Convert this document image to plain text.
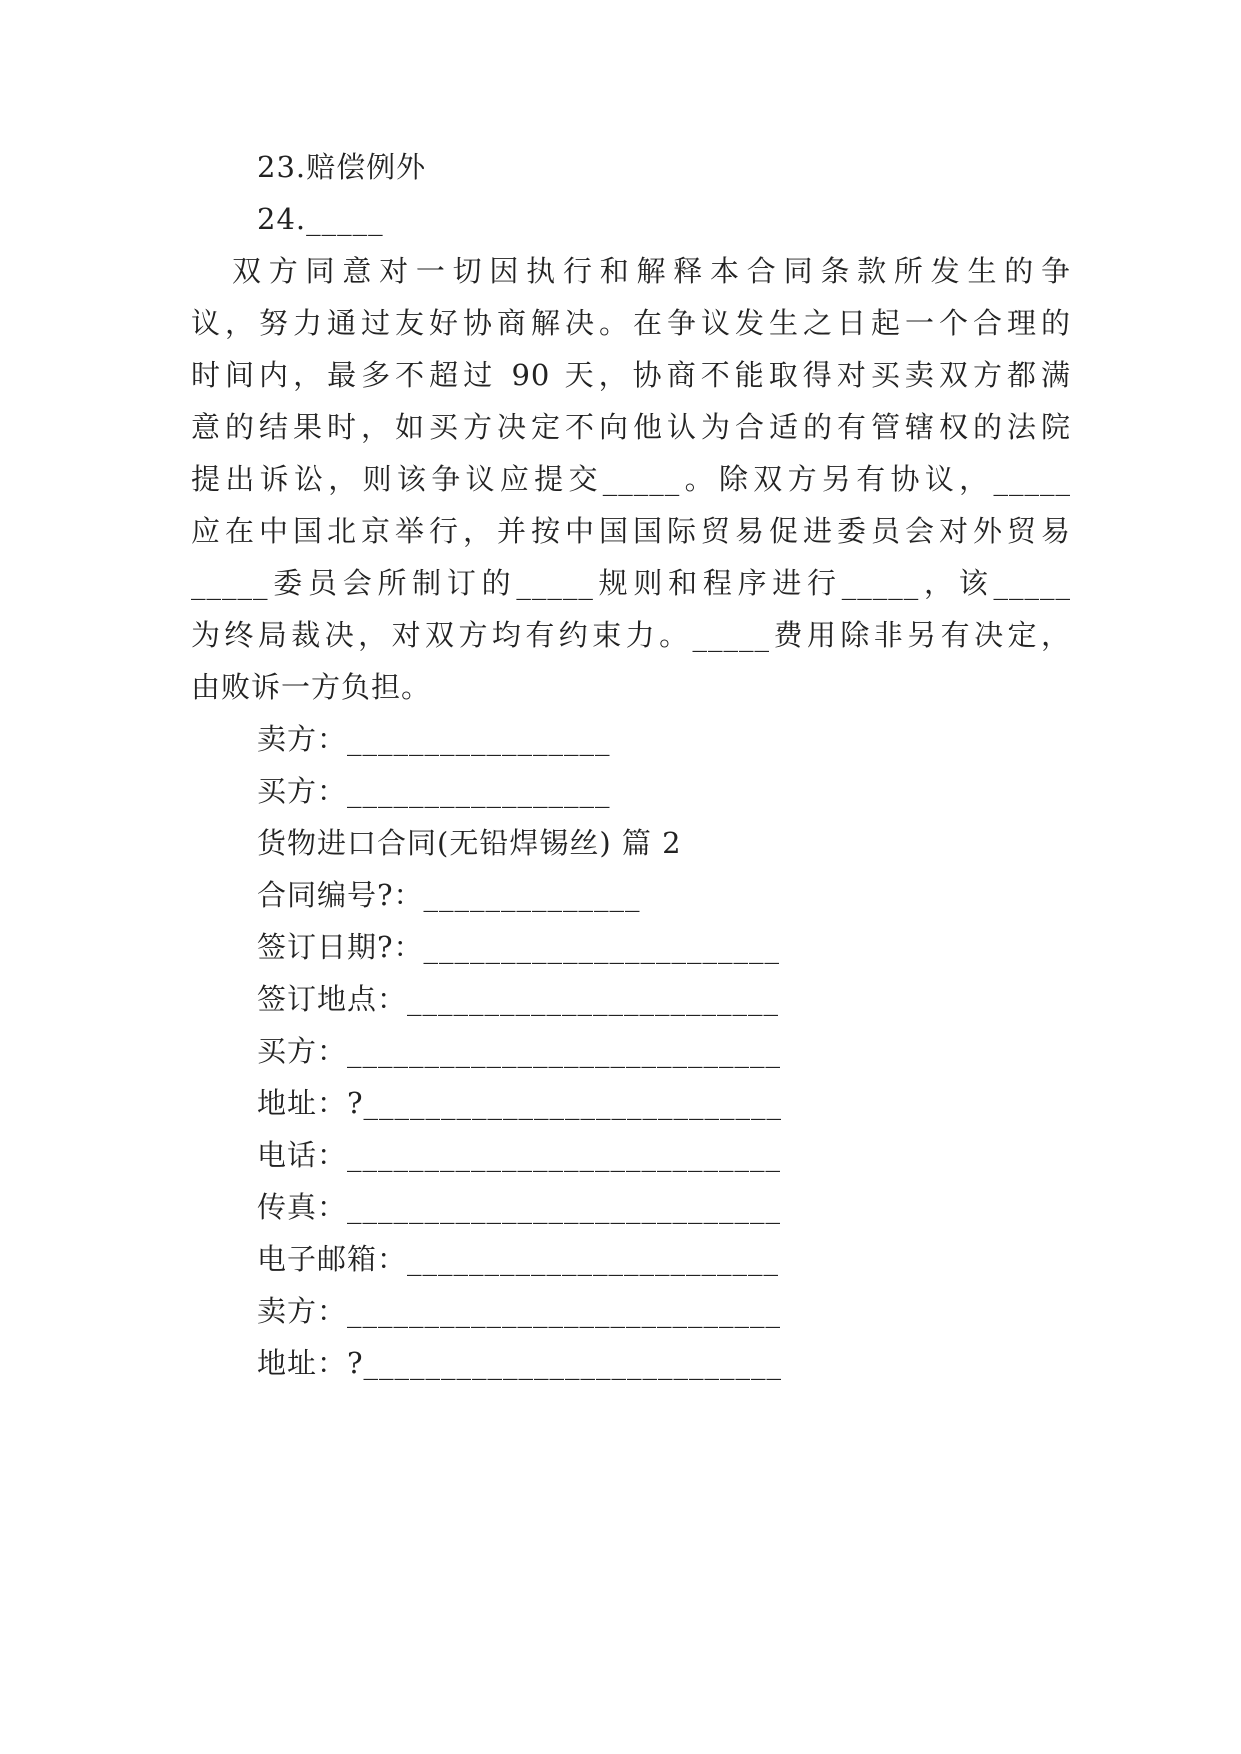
23.赔偿例外
24._____
双方同意对一切因执行和解释本合同条款所发生的争
议，努力通过友好协商解决。在争议发生之日起一个合理的
时间内，最多不超过 90 天，协商不能取得对买卖双方都满
意的结果时，如买方决定不向他认为合适的有管辖权的法院
提出诉讼，则该争议应提交_____。除双方另有协议，_____
应在中国北京举行，并按中国国际贸易促进委员会对外贸易
_____委员会所制订的_____规则和程序进行_____，该_____
为终局裁决，对双方均有约束力。_____费用除非另有决定，
由败诉一方负担。
卖方：_________________
买方：_________________
货物进口合同(无铅焊锡丝) 篇 2
合同编号?：______________
签订日期?：_______________________
签订地点：________________________
买方：____________________________
地址：?___________________________
电话：____________________________
传真：____________________________
电子邮箱：________________________
卖方：____________________________
地址：?___________________________
